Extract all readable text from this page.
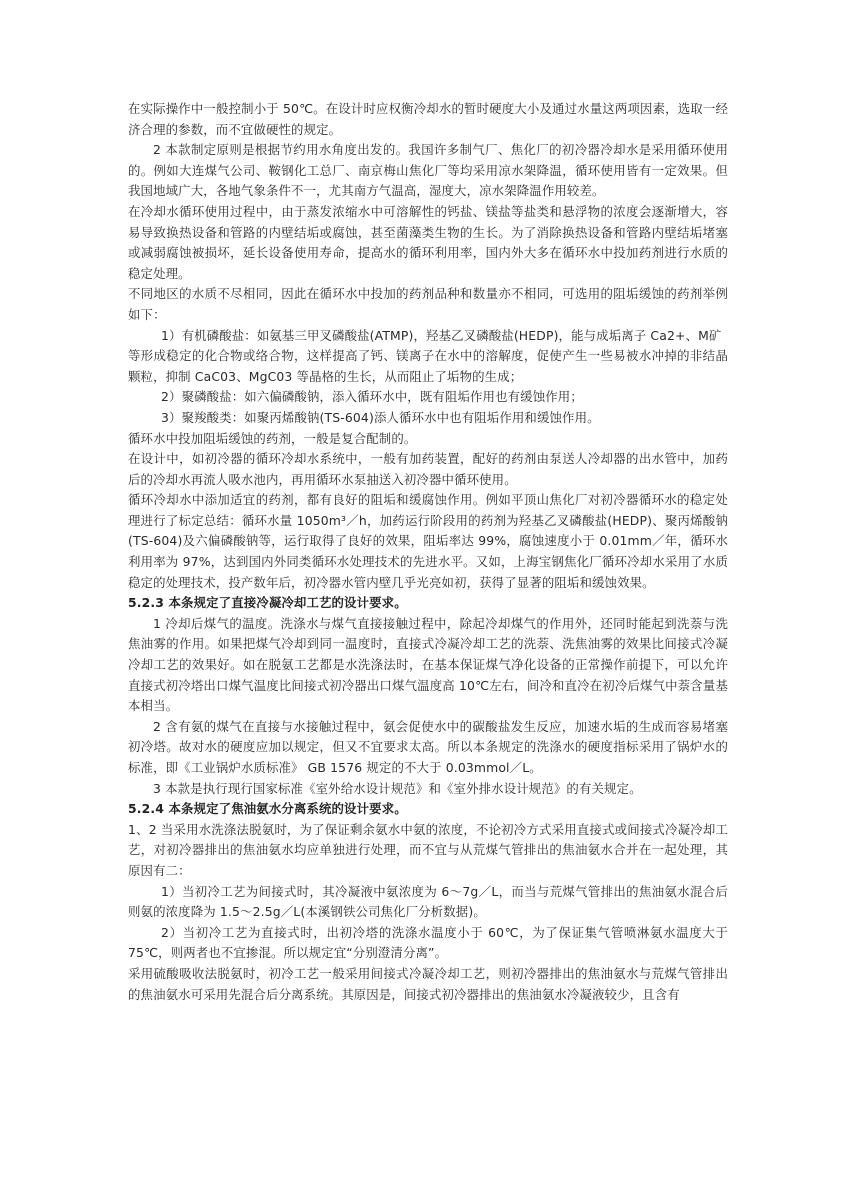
在实际操作中一般控制小于 50℃。在设计时应权衡冷却水的暂时硬度大小及通过水量这两项因素，选取一经济合理的参数，而不宜做硬性的规定。

2 本款制定原则是根据节约用水角度出发的。我国许多制气厂、焦化厂的初冷器冷却水是采用循环使用的。例如大连煤气公司、鞍钢化工总厂、南京梅山焦化厂等均采用凉水架降温，循环使用皆有一定效果。但我国地域广大，各地气象条件不一，尤其南方气温高，湿度大，凉水架降温作用较差。

在冷却水循环使用过程中，由于蒸发浓缩水中可溶解性的钙盐、镁盐等盐类和悬浮物的浓度会逐渐增大，容易导致换热设备和管路的内壁结垢或腐蚀，甚至菌藻类生物的生长。为了消除换热设备和管路内壁结垢堵塞或减弱腐蚀被损坏，延长设备使用寿命，提高水的循环利用率，国内外大多在循环水中投加药剂进行水质的稳定处理。

不同地区的水质不尽相同，因此在循环水中投加的药剂品种和数量亦不相同，可选用的阻垢缓蚀的药剂举例如下：

1）有机磷酸盐：如氨基三甲叉磷酸盐(ATMP)，羟基乙叉磷酸盐(HEDP)，能与成垢离子 Ca2+、M矿

等形成稳定的化合物或络合物，这样提高了钙、镁离子在水中的溶解度，促使产生一些易被水冲掉的非结晶颗粒，抑制 CaC03、MgC03 等晶格的生长，从而阻止了垢物的生成；

2）聚磷酸盐：如六偏磷酸钠，添入循环水中，既有阻垢作用也有缓蚀作用；

3）聚羧酸类：如聚丙烯酸钠(TS-604)添人循环水中也有阻垢作用和缓蚀作用。

循环水中投加阻垢缓蚀的药剂，一般是复合配制的。

在设计中，如初冷器的循环冷却水系统中，一般有加药装置，配好的药剂由泵送人冷却器的出水管中，加药后的冷却水再流人吸水池内，再用循环水泵抽送入初冷器中循环使用。

循环冷却水中添加适宜的药剂，都有良好的阻垢和缓腐蚀作用。例如平顶山焦化厂对初冷器循环水的稳定处理进行了标定总结：循环水量 1050m³／h，加药运行阶段用的药剂为羟基乙叉磷酸盐(HEDP)、聚丙烯酸钠(TS-604)及六偏磷酸钠等，运行取得了良好的效果，阻垢率达 99%，腐蚀速度小于 0.01mm／年，循环水利用率为 97%，达到国内外同类循环水处理技术的先进水平。又如，上海宝钢焦化厂循环冷却水采用了水质稳定的处理技术，投产数年后，初冷器水管内壁几乎光亮如初，获得了显著的阻垢和缓蚀效果。

5.2.3 本条规定了直接冷凝冷却工艺的设计要求。

1 冷却后煤气的温度。洗涤水与煤气直接接触过程中，除起冷却煤气的作用外，还同时能起到洗萘与洗焦油雾的作用。如果把煤气冷却到同一温度时，直接式冷凝冷却工艺的洗萘、洗焦油雾的效果比间接式冷凝冷却工艺的效果好。如在脱氨工艺都是水洗涤法时，在基本保证煤气净化设备的正常操作前提下，可以允许直接式初冷塔出口煤气温度比间接式初冷器出口煤气温度高 10℃左右，间冷和直冷在初冷后煤气中萘含量基本相当。

2 含有氨的煤气在直接与水接触过程中，氨会促使水中的碳酸盐发生反应，加速水垢的生成而容易堵塞初冷塔。故对水的硬度应加以规定，但又不宜要求太高。所以本条规定的洗涤水的硬度指标采用了锅炉水的标准，即《工业锅炉水质标准》 GB 1576 规定的不大于 0.03mmol／L。

3 本款是执行现行国家标准《室外给水设计规范》和《室外排水设计规范》的有关规定。

5.2.4 本条规定了焦油氨水分离系统的设计要求。

1、2 当采用水洗涤法脱氨时，为了保证剩余氨水中氨的浓度，不论初冷方式采用直接式或间接式冷凝冷却工艺，对初冷器排出的焦油氨水均应单独进行处理，而不宜与从荒煤气管排出的焦油氨水合并在一起处理，其原因有二：

1）当初冷工艺为间接式时，其冷凝液中氨浓度为 6～7g／L，而当与荒煤气管排出的焦油氨水混合后则氨的浓度降为 1.5～2.5g／L(本溪钢铁公司焦化厂分析数据)。

2）当初冷工艺为直接式时，出初冷塔的洗涤水温度小于 60℃，为了保证集气管喷淋氨水温度大于 75℃，则两者也不宜掺混。所以规定宜“分别澄清分离”。

采用硫酸吸收法脱氨时，初冷工艺一般采用间接式冷凝冷却工艺，则初冷器排出的焦油氨水与荒煤气管排出的焦油氨水可采用先混合后分离系统。其原因是，间接式初冷器排出的焦油氨水冷凝液较少，且含有
